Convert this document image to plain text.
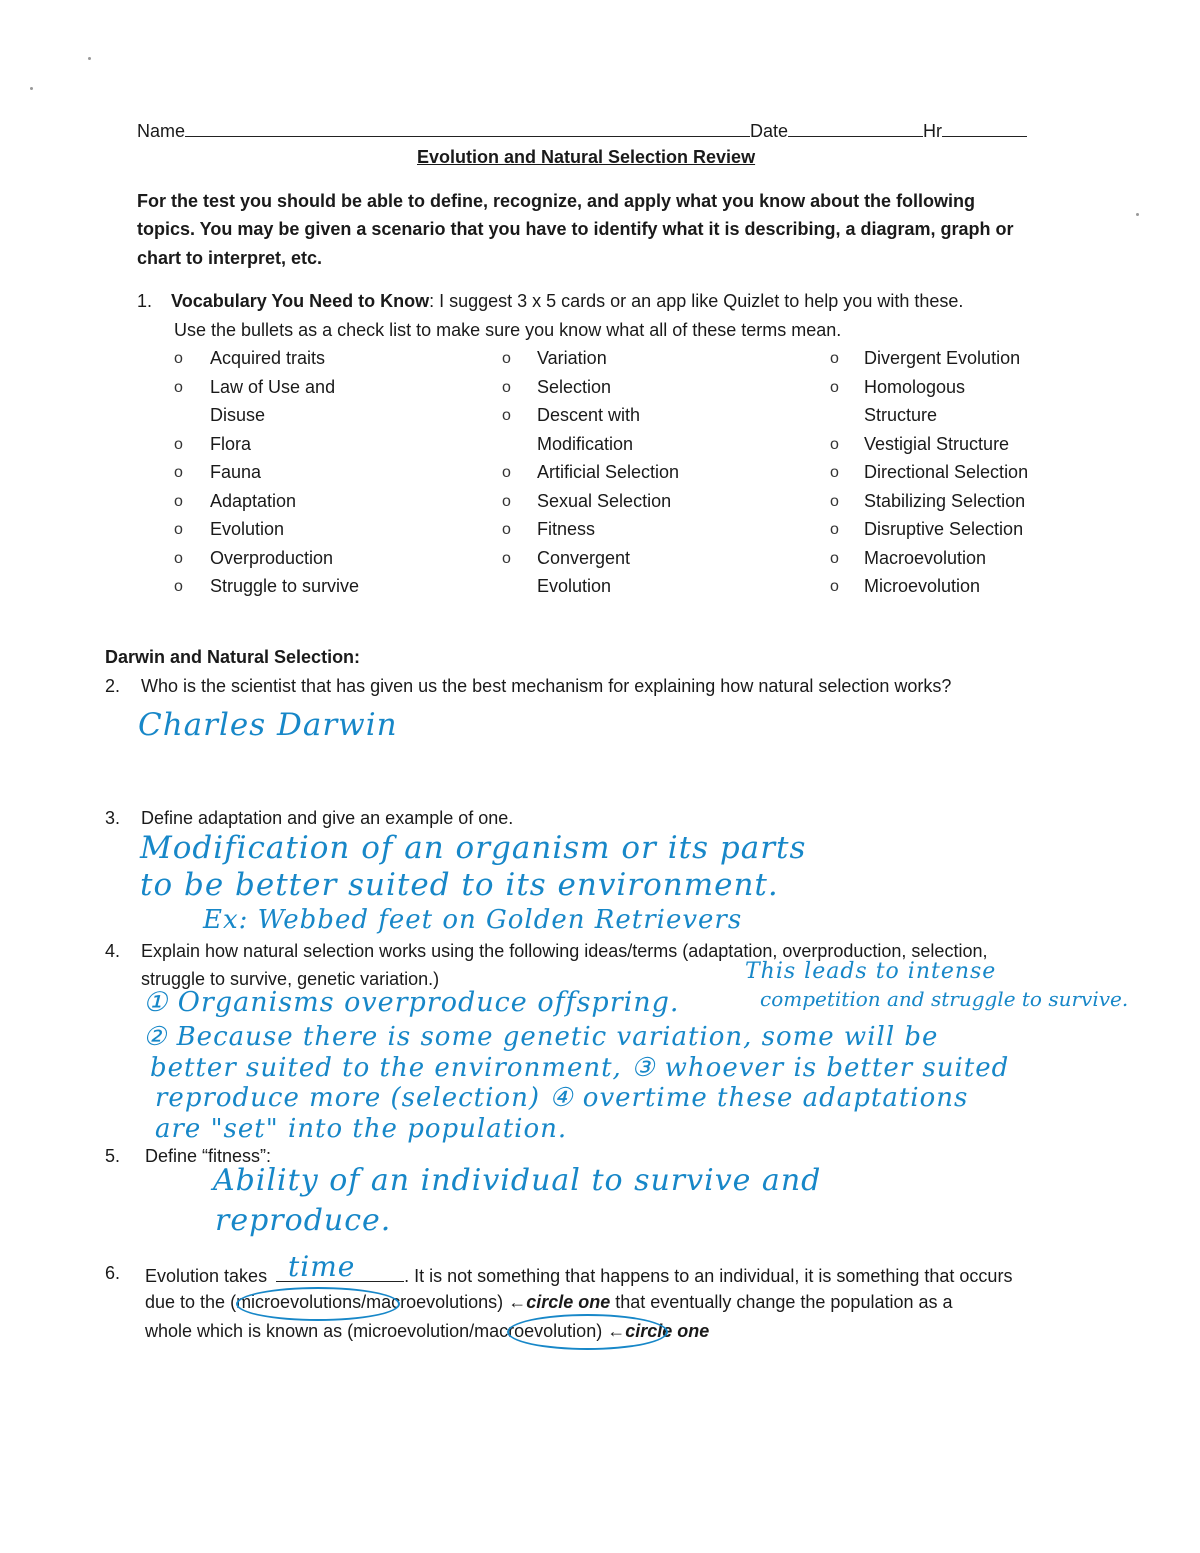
Name	Date	Hr
Evolution and Natural Selection Review
For the test you should be able to define, recognize, and apply what you know about the following
topics. You may be given a scenario that you have to identify what it is describing, a diagram, graph or
chart to interpret, etc.
1. Vocabulary You Need to Know: I suggest 3 x 5 cards or an app like Quizlet to help you with these.
Use the bullets as a check list to make sure you know what all of these terms mean.
o Acquired traits
o Law of Use and
Disuse
o Flora
o Fauna
o Adaptation
o Evolution
o Overproduction
o Struggle to survive
o Variation
o Selection
o Descent with
Modification
o Artificial Selection
o Sexual Selection
o Fitness
o Convergent
Evolution
o Divergent Evolution
o Homologous
Structure
o Vestigial Structure
o Directional Selection
o Stabilizing Selection
o Disruptive Selection
o Macroevolution
o Microevolution
Darwin and Natural Selection:
2. Who is the scientist that has given us the best mechanism for explaining how natural selection works?
Charles Darwin
3. Define adaptation and give an example of one.
Modification of an organism or its parts
to be better suited to its environment.
Ex: Webbed feet on Golden Retrievers
4. Explain how natural selection works using the following ideas/terms (adaptation, overproduction, selection,
struggle to survive, genetic variation.)	This leads to intense
① Organisms overproduce offspring.	competition and struggle to survive.
② Because there is some genetic variation, some will be
better suited to the environment, ③ whoever is better suited
reproduce more (selection) ④ overtime these adaptations
are "set" into the population.
5. Define “fitness”:
Ability of an individual to survive and
reproduce.
6. Evolution takes	. It is not something that happens to an individual, it is something that occurs
time
due to the (microevolutions/macroevolutions) ←circle one that eventually change the population as a
whole which is known as (microevolution/macroevolution) ←circle one
